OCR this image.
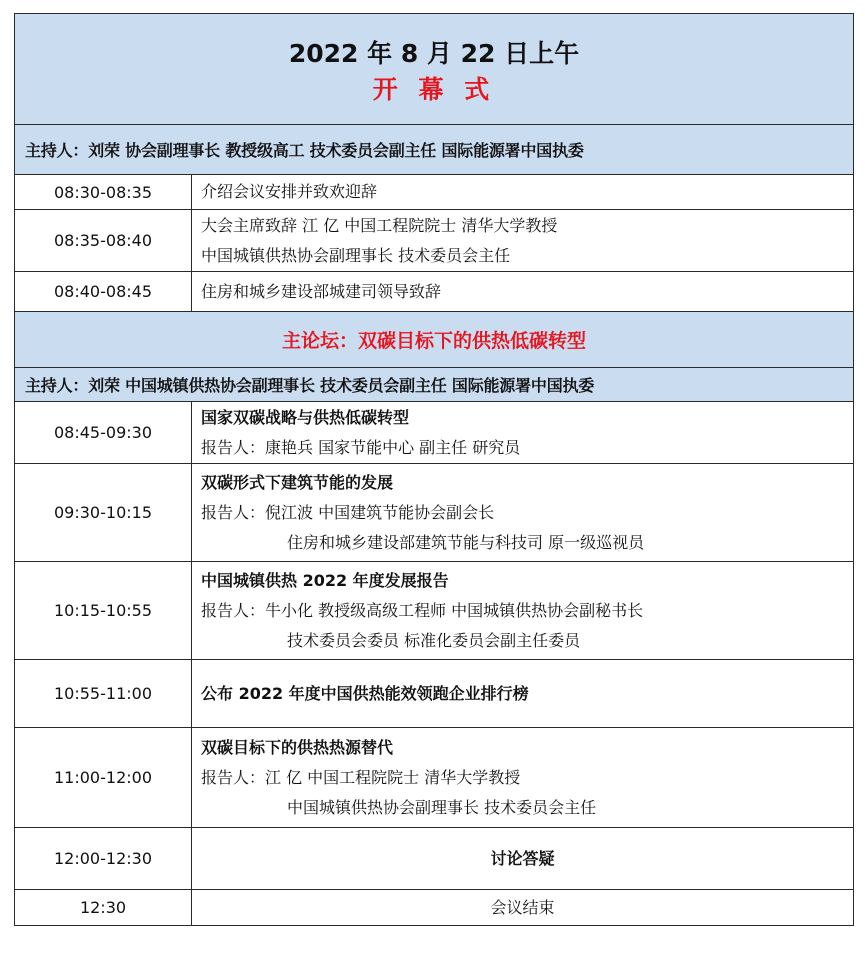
2022 年 8 月 22 日上午
开 幕 式	

主持人：刘荣 协会副理事长 教授级高工 技术委员会副主任 国际能源署中国执委	
08:30-08:35	介绍会议安排并致欢迎辞

08:35-08:40	大会主席致辞 江 亿 中国工程院院士 清华大学教授
中国城镇供热协会副理事长 技术委员会主任

08:40-08:45	住房和城乡建设部城建司领导致辞

主论坛：双碳目标下的供热低碳转型	
主持人：刘荣 中国城镇供热协会副理事长 技术委员会副主任 国际能源署中国执委	
08:45-09:30	国家双碳战略与供热低碳转型
报告人：康艳兵 国家节能中心 副主任 研究员

09:30-10:15	双碳形式下建筑节能的发展
报告人：倪江波 中国建筑节能协会副会长
住房和城乡建设部建筑节能与科技司 原一级巡视员

10:15-10:55	中国城镇供热 2022 年度发展报告
报告人：牛小化 教授级高级工程师 中国城镇供热协会副秘书长
技术委员会委员 标准化委员会副主任委员

10:55-11:00	公布 2022 年度中国供热能效领跑企业排行榜

11:00-12:00	双碳目标下的供热热源替代
报告人：江 亿 中国工程院院士 清华大学教授
中国城镇供热协会副理事长 技术委员会主任

12:00-12:30	讨论答疑

12:30	会议结束
